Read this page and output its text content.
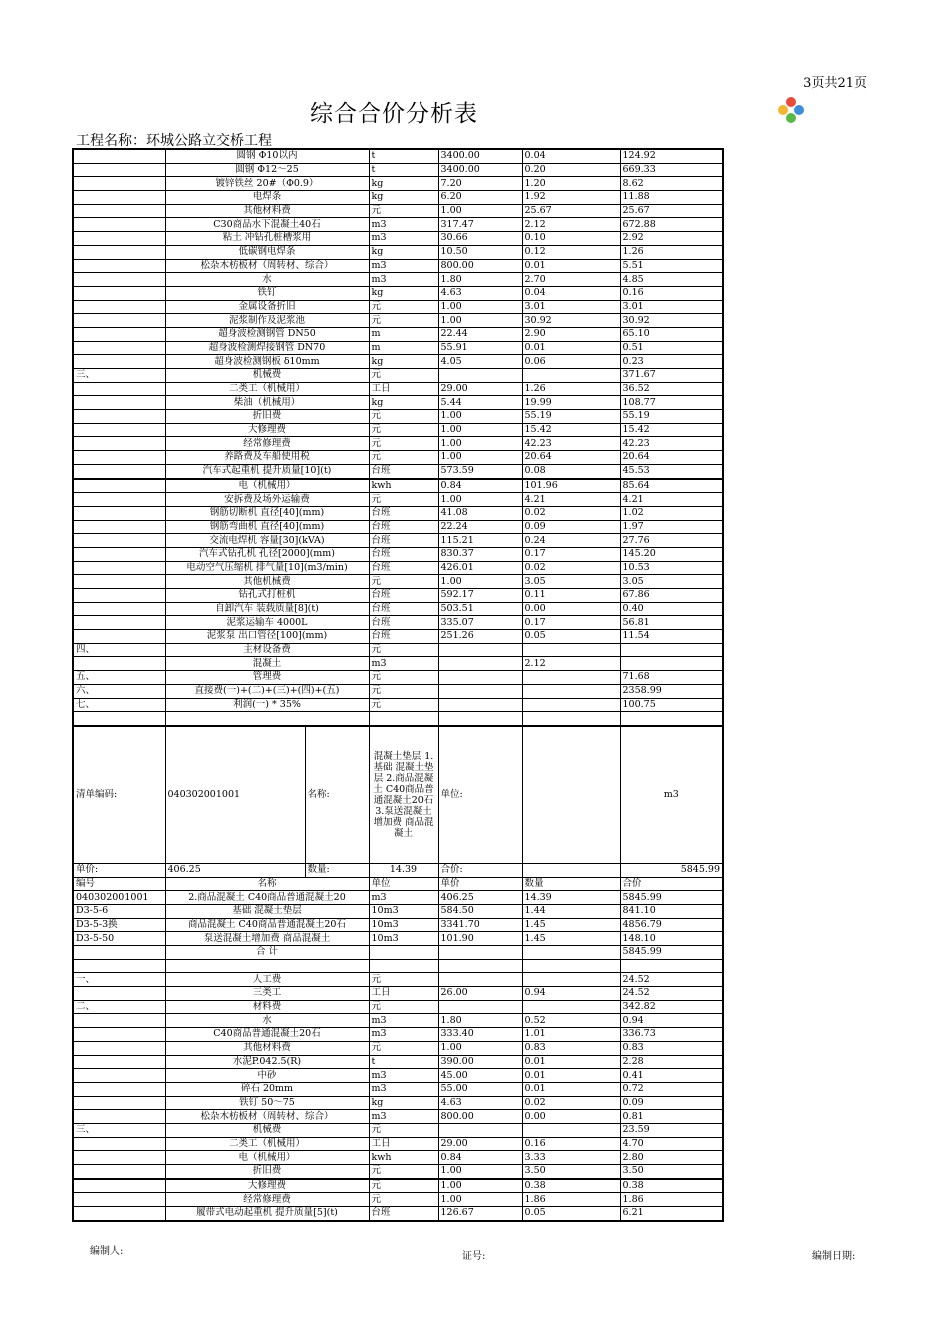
3页共21页
综合合价分析表
工程名称：环城公路立交桥工程
	圆钢 Φ10以内		t	3400.00	0.04	124.92
	圆钢 Φ12～25		t	3400.00	0.20	669.33
	镀锌铁丝 20#（Φ0.9）		kg	7.20	1.20	8.62
	电焊条		kg	6.20	1.92	11.88
	其他材料费		元	1.00	25.67	25.67
	C30商品水下混凝土40石		m3	317.47	2.12	672.88
	粘土 冲钻孔桩槽浆用		m3	30.66	0.10	2.92
	低碳钢电焊条		kg	10.50	0.12	1.26
	松杂木枋板材（周转材、综合）		m3	800.00	0.01	5.51
	水		m3	1.80	2.70	4.85
	铁钉		kg	4.63	0.04	0.16
	金属设备折旧		元	1.00	3.01	3.01
	泥浆制作及泥浆池		元	1.00	30.92	30.92
	超身波检测钢管 DN50		m	22.44	2.90	65.10
	超身波检测焊接钢管 DN70		m	55.91	0.01	0.51
	超身波检测钢板 δ10mm		kg	4.05	0.06	0.23
三、	机械费		元			371.67
	二类工（机械用）		工日	29.00	1.26	36.52
	柴油（机械用）		kg	5.44	19.99	108.77
	折旧费		元	1.00	55.19	55.19
	大修理费		元	1.00	15.42	15.42
	经常修理费		元	1.00	42.23	42.23
	养路费及车船使用税		元	1.00	20.64	20.64
	汽车式起重机 提升质量[10](t)		台班	573.59	0.08	45.53
	电（机械用）		kwh	0.84	101.96	85.64
	安拆费及场外运输费		元	1.00	4.21	4.21
	钢筋切断机 直径[40](mm)		台班	41.08	0.02	1.02
	钢筋弯曲机 直径[40](mm)		台班	22.24	0.09	1.97
	交流电焊机 容量[30](kVA)		台班	115.21	0.24	27.76
	汽车式钻孔机 孔径[2000](mm)		台班	830.37	0.17	145.20
	电动空气压缩机 排气量[10](m3/min)		台班	426.01	0.02	10.53
	其他机械费		元	1.00	3.05	3.05
	钻孔式打桩机		台班	592.17	0.11	67.86
	自卸汽车 装载质量[8](t)		台班	503.51	0.00	0.40
	泥浆运输车 4000L		台班	335.07	0.17	56.81
	泥浆泵 出口管径[100](mm)		台班	251.26	0.05	11.54
四、	主材设备费		元			
	混凝土		m3		2.12	
五、	管理费		元			71.68
六、	直接费(一)+(二)+(三)+(四)+(五)		元			2358.99
七、	利润(一) * 35%		元			100.75

清单编码:	040302001001	名称:	混凝土垫层 1.基础 混凝土垫层 2.商品混凝土 C40商品普通混凝土20石 3.泵送混凝土增加费 商品混凝土	单位:		m3
单价:	406.25	数量:	14.39	合价:		5845.99
编号	名称		单位	单价	数量	合价
040302001001	2.商品混凝土 C40商品普通混凝土20		m3	406.25	14.39	5845.99
D3-5-6	基础 混凝土垫层		10m3	584.50	1.44	841.10
D3-5-3换	商品混凝土 C40商品普通混凝土20石		10m3	3341.70	1.45	4856.79
D3-5-50	泵送混凝土增加费 商品混凝土		10m3	101.90	1.45	148.10
	合 计					5845.99

一、	人工费		元			24.52
	三类工		工日	26.00	0.94	24.52
二、	材料费		元			342.82
	水		m3	1.80	0.52	0.94
	C40商品普通混凝土20石		m3	333.40	1.01	336.73
	其他材料费		元	1.00	0.83	0.83
	水泥P.042.5(R)		t	390.00	0.01	2.28
	中砂		m3	45.00	0.01	0.41
	碎石 20mm		m3	55.00	0.01	0.72
	铁钉 50～75		kg	4.63	0.02	0.09
	松杂木枋板材（周转材、综合）		m3	800.00	0.00	0.81
三、	机械费		元			23.59
	二类工（机械用）		工日	29.00	0.16	4.70
	电（机械用）		kwh	0.84	3.33	2.80
	折旧费		元	1.00	3.50	3.50
	大修理费		元	1.00	0.38	0.38
	经常修理费		元	1.00	1.86	1.86
	履带式电动起重机 提升质量[5](t)		台班	126.67	0.05	6.21
编制人:	证号:	编制日期:
